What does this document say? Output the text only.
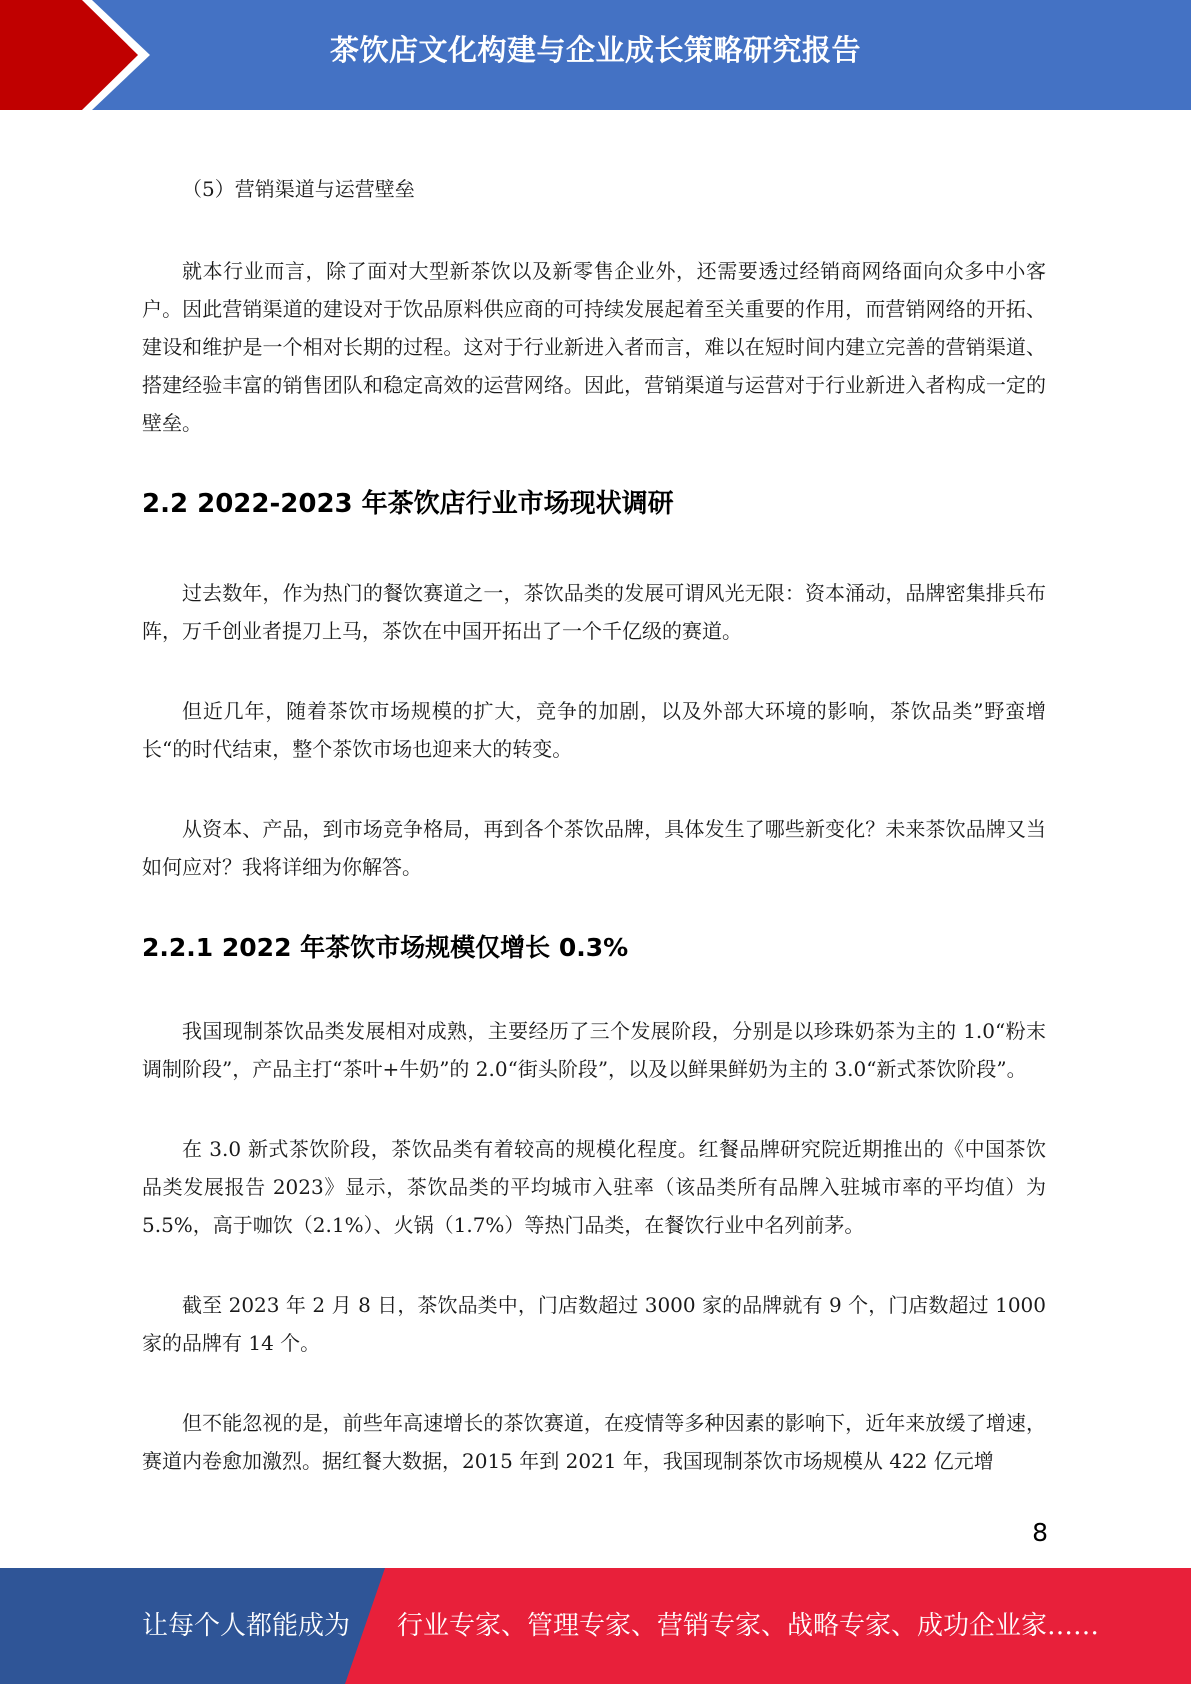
茶饮店文化构建与企业成长策略研究报告
（5）营销渠道与运营壁垒

就本行业而言，除了面对大型新茶饮以及新零售企业外，还需要透过经销商网络面向众多中小客户。因此营销渠道的建设对于饮品原料供应商的可持续发展起着至关重要的作用，而营销网络的开拓、建设和维护是一个相对长期的过程。这对于行业新进入者而言，难以在短时间内建立完善的营销渠道、搭建经验丰富的销售团队和稳定高效的运营网络。因此，营销渠道与运营对于行业新进入者构成一定的壁垒。

2.2 2022-2023 年茶饮店行业市场现状调研

过去数年，作为热门的餐饮赛道之一，茶饮品类的发展可谓风光无限：资本涌动，品牌密集排兵布阵，万千创业者提刀上马，茶饮在中国开拓出了一个千亿级的赛道。

但近几年，随着茶饮市场规模的扩大，竞争的加剧，以及外部大环境的影响，茶饮品类”野蛮增长“的时代结束，整个茶饮市场也迎来大的转变。

从资本、产品，到市场竞争格局，再到各个茶饮品牌，具体发生了哪些新变化？未来茶饮品牌又当如何应对？我将详细为你解答。

2.2.1 2022 年茶饮市场规模仅增长 0.3%

我国现制茶饮品类发展相对成熟，主要经历了三个发展阶段，分别是以珍珠奶茶为主的 1.0“粉末调制阶段”，产品主打“茶叶+牛奶”的 2.0“街头阶段”，以及以鲜果鲜奶为主的 3.0“新式茶饮阶段”。

在 3.0 新式茶饮阶段，茶饮品类有着较高的规模化程度。红餐品牌研究院近期推出的《中国茶饮品类发展报告 2023》显示，茶饮品类的平均城市入驻率（该品类所有品牌入驻城市率的平均值）为 5.5%，高于咖饮（2.1%）、火锅（1.7%）等热门品类，在餐饮行业中名列前茅。

截至 2023 年 2 月 8 日，茶饮品类中，门店数超过 3000 家的品牌就有 9 个，门店数超过 1000 家的品牌有 14 个。

但不能忽视的是，前些年高速增长的茶饮赛道，在疫情等多种因素的影响下，近年来放缓了增速，赛道内卷愈加激烈。据红餐大数据，2015 年到 2021 年，我国现制茶饮市场规模从 422 亿元增

8
让每个人都能成为 行业专家、管理专家、营销专家、战略专家、成功企业家……
